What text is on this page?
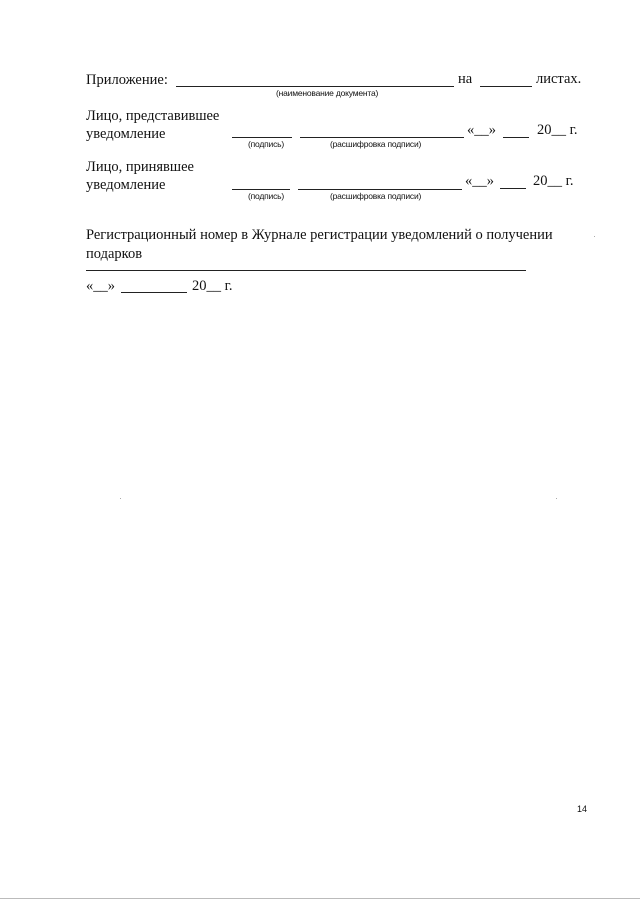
Приложение:
(наименование документа)
на	листах.
Лицо, представившее
уведомление
(подпись)	(расшифровка подписи)
«__»	20__ г.
Лицо, принявшее
уведомление
(подпись)	(расшифровка подписи)
«__»	20__ г.
Регистрационный номер в Журнале регистрации уведомлений о получении
подарков
«__»	20__ г.
14
